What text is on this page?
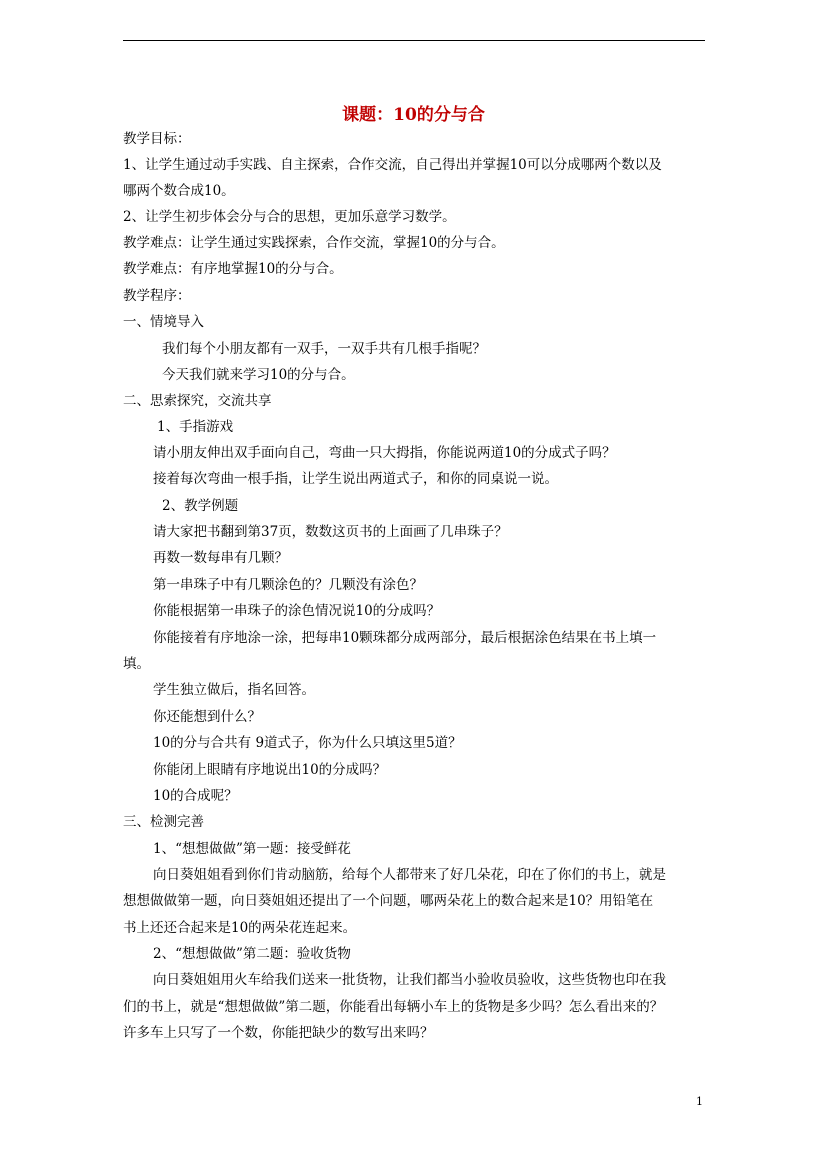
课题：10的分与合
教学目标：
1、让学生通过动手实践、自主探索，合作交流，自己得出并掌握10可以分成哪两个数以及
哪两个数合成10。
2、让学生初步体会分与合的思想，更加乐意学习数学。
教学难点：让学生通过实践探索，合作交流，掌握10的分与合。
教学难点：有序地掌握10的分与合。
教学程序：
一、情境导入
我们每个小朋友都有一双手，一双手共有几根手指呢？
今天我们就来学习10的分与合。
二、思索探究，交流共享
1、手指游戏
请小朋友伸出双手面向自己，弯曲一只大拇指，你能说两道10的分成式子吗？
接着每次弯曲一根手指，让学生说出两道式子，和你的同桌说一说。
2、教学例题
请大家把书翻到第37页，数数这页书的上面画了几串珠子？
再数一数每串有几颗？
第一串珠子中有几颗涂色的？几颗没有涂色？
你能根据第一串珠子的涂色情况说10的分成吗？
你能接着有序地涂一涂，把每串10颗珠都分成两部分，最后根据涂色结果在书上填一
填。
学生独立做后，指名回答。
你还能想到什么？
10的分与合共有 9道式子，你为什么只填这里5道？
你能闭上眼睛有序地说出10的分成吗？
10的合成呢？
三、检测完善
1、“想想做做”第一题：接受鲜花
向日葵姐姐看到你们肯动脑筋，给每个人都带来了好几朵花，印在了你们的书上，就是
想想做做第一题，向日葵姐姐还提出了一个问题，哪两朵花上的数合起来是10？用铅笔在
书上还还合起来是10的两朵花连起来。
2、“想想做做”第二题：验收货物
向日葵姐姐用火车给我们送来一批货物，让我们都当小验收员验收，这些货物也印在我
们的书上，就是“想想做做”第二题，你能看出每辆小车上的货物是多少吗？怎么看出来的？
许多车上只写了一个数，你能把缺少的数写出来吗？
1
